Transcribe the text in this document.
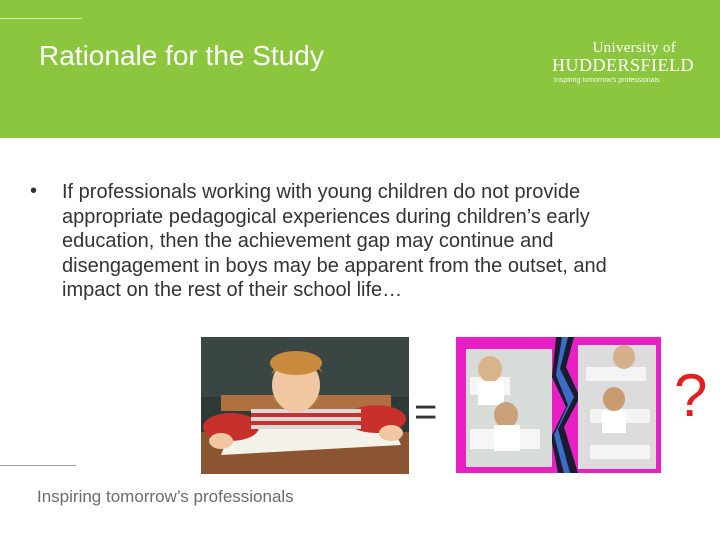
Rationale for the Study	University of
HUDDERSFIELD
Inspiring tomorrow's professionals
• If professionals working with young children do not provide appropriate pedagogical experiences during children’s early education, then the achievement gap may continue and disengagement in boys may be apparent from the outset, and impact on the rest of their school life…
=	?
Inspiring tomorrow’s professionals
